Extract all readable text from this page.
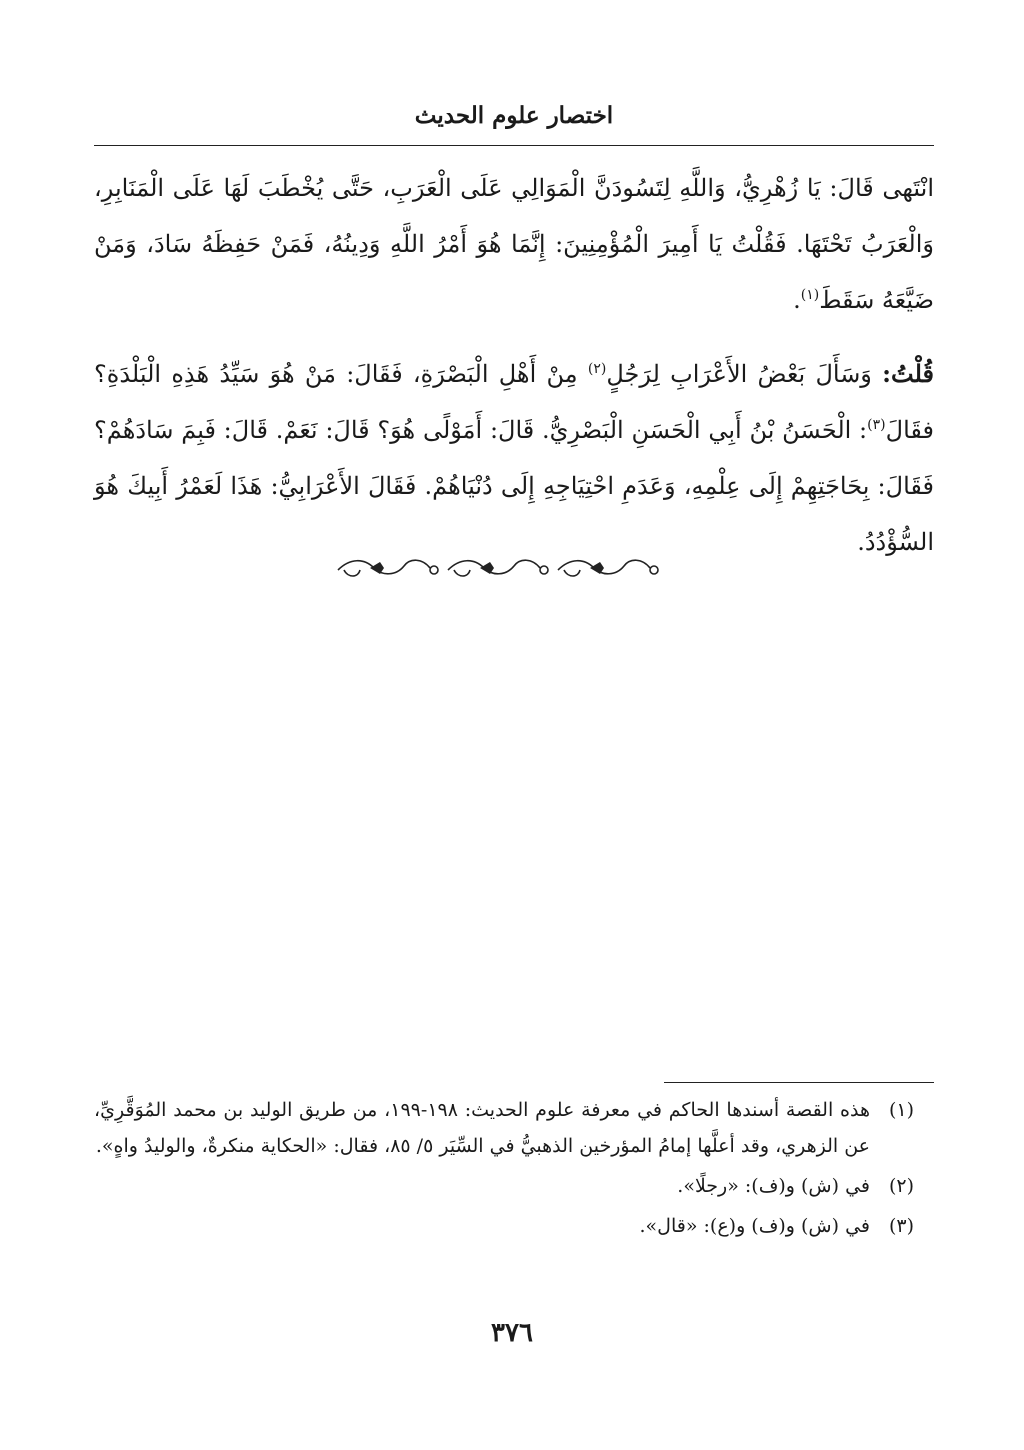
اختصار علوم الحديث

انْتَهى قَالَ: يَا زُهْرِيُّ، وَاللَّهِ لِتَسُودَنَّ الْمَوَالِي عَلَى الْعَرَبِ، حَتَّى يُخْطَبَ لَهَا عَلَى الْمَنَابِرِ، وَالْعَرَبُ تَحْتَهَا. فَقُلْتُ يَا أَمِيرَ الْمُؤْمِنِينَ: إِنَّمَا هُوَ أَمْرُ اللَّهِ وَدِينُهُ، فَمَنْ حَفِظَهُ سَادَ، وَمَنْ ضَيَّعَهُ سَقَطَ$^{(١)}$.

قُلْتُ: وَسَأَلَ بَعْضُ الأَعْرَابِ لِرَجُلٍ$^{(٢)}$ مِنْ أَهْلِ الْبَصْرَةِ، فَقَالَ: مَنْ هُوَ سَيِّدُ هَذِهِ الْبَلْدَةِ؟ فقَالَ$^{(٣)}$: الْحَسَنُ بْنُ أَبِي الْحَسَنِ الْبَصْرِيُّ. قَالَ: أَمَوْلًى هُوَ؟ قَالَ: نَعَمْ. قَالَ: فَبِمَ سَادَهُمْ؟ فَقَالَ: بِحَاجَتِهِمْ إِلَى عِلْمِهِ، وَعَدَمِ احْتِيَاجِهِ إِلَى دُنْيَاهُمْ. فَقَالَ الأَعْرَابِيُّ: هَذَا لَعَمْرُ أَبِيكَ هُوَ السُّؤْدُدُ.

(١)هذه القصة أسندها الحاكم في معرفة علوم الحديث: ١٩٨-١٩٩، من طريق الوليد بن محمد المُوَقَّرِيِّ، عن الزهري، وقد أعلَّها إمامُ المؤرخين الذهبيُّ في السِّيَر ٥/ ٨٥، فقال: «الحكاية منكرةٌ، والوليدُ واهٍ».

(٢)في (ش) و(ف): «رجلًا».

(٣)في (ش) و(ف) و(ع): «قال».

٣٧٦
